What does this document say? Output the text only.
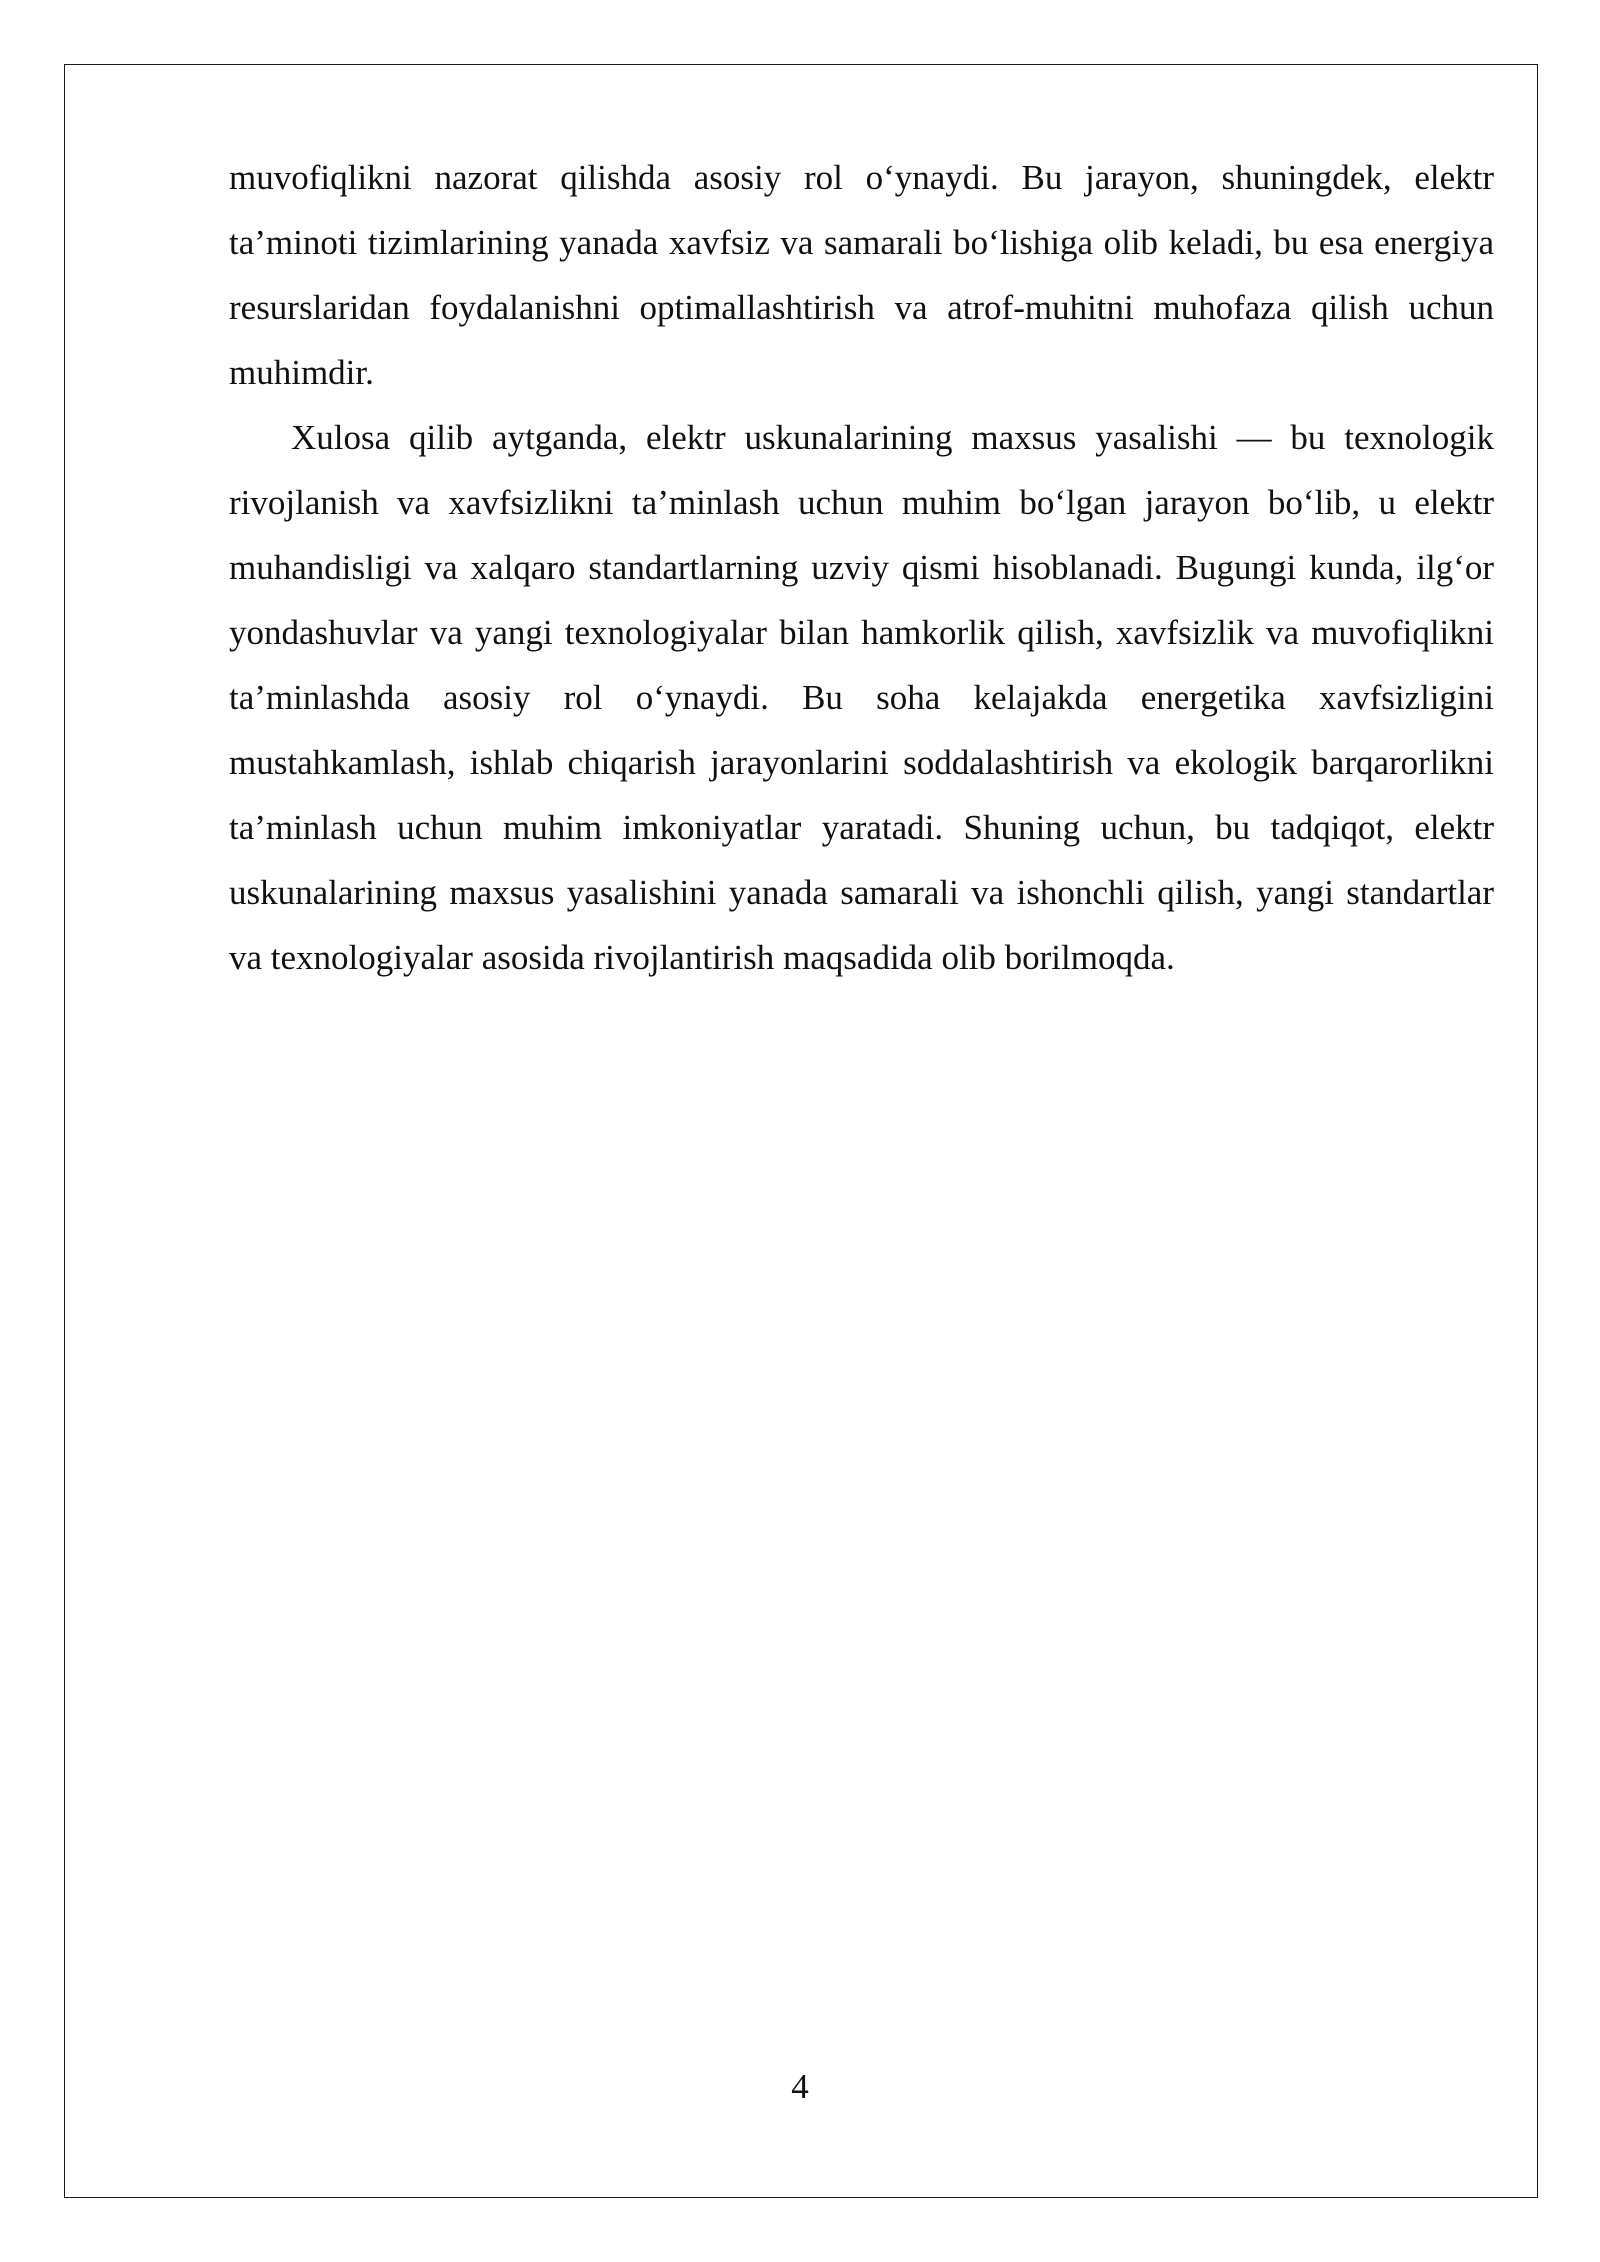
muvofiqlikni nazorat qilishda asosiy rol o‘ynaydi. Bu jarayon, shuningdek, elektr ta’minoti tizimlarining yanada xavfsiz va samarali bo‘lishiga olib keladi, bu esa energiya resurslaridan foydalanishni optimallashtirish va atrof-muhitni muhofaza qilish uchun muhimdir.

Xulosa qilib aytganda, elektr uskunalarining maxsus yasalishi — bu texnologik rivojlanish va xavfsizlikni ta’minlash uchun muhim bo‘lgan jarayon bo‘lib, u elektr muhandisligi va xalqaro standartlarning uzviy qismi hisoblanadi. Bugungi kunda, ilg‘or yondashuvlar va yangi texnologiyalar bilan hamkorlik qilish, xavfsizlik va muvofiqlikni ta’minlashda asosiy rol o‘ynaydi. Bu soha kelajakda energetika xavfsizligini mustahkamlash, ishlab chiqarish jarayonlarini soddalashtirish va ekologik barqarorlikni ta’minlash uchun muhim imkoniyatlar yaratadi. Shuning uchun, bu tadqiqot, elektr uskunalarining maxsus yasalishini yanada samarali va ishonchli qilish, yangi standartlar va texnologiyalar asosida rivojlantirish maqsadida olib borilmoqda.

4
